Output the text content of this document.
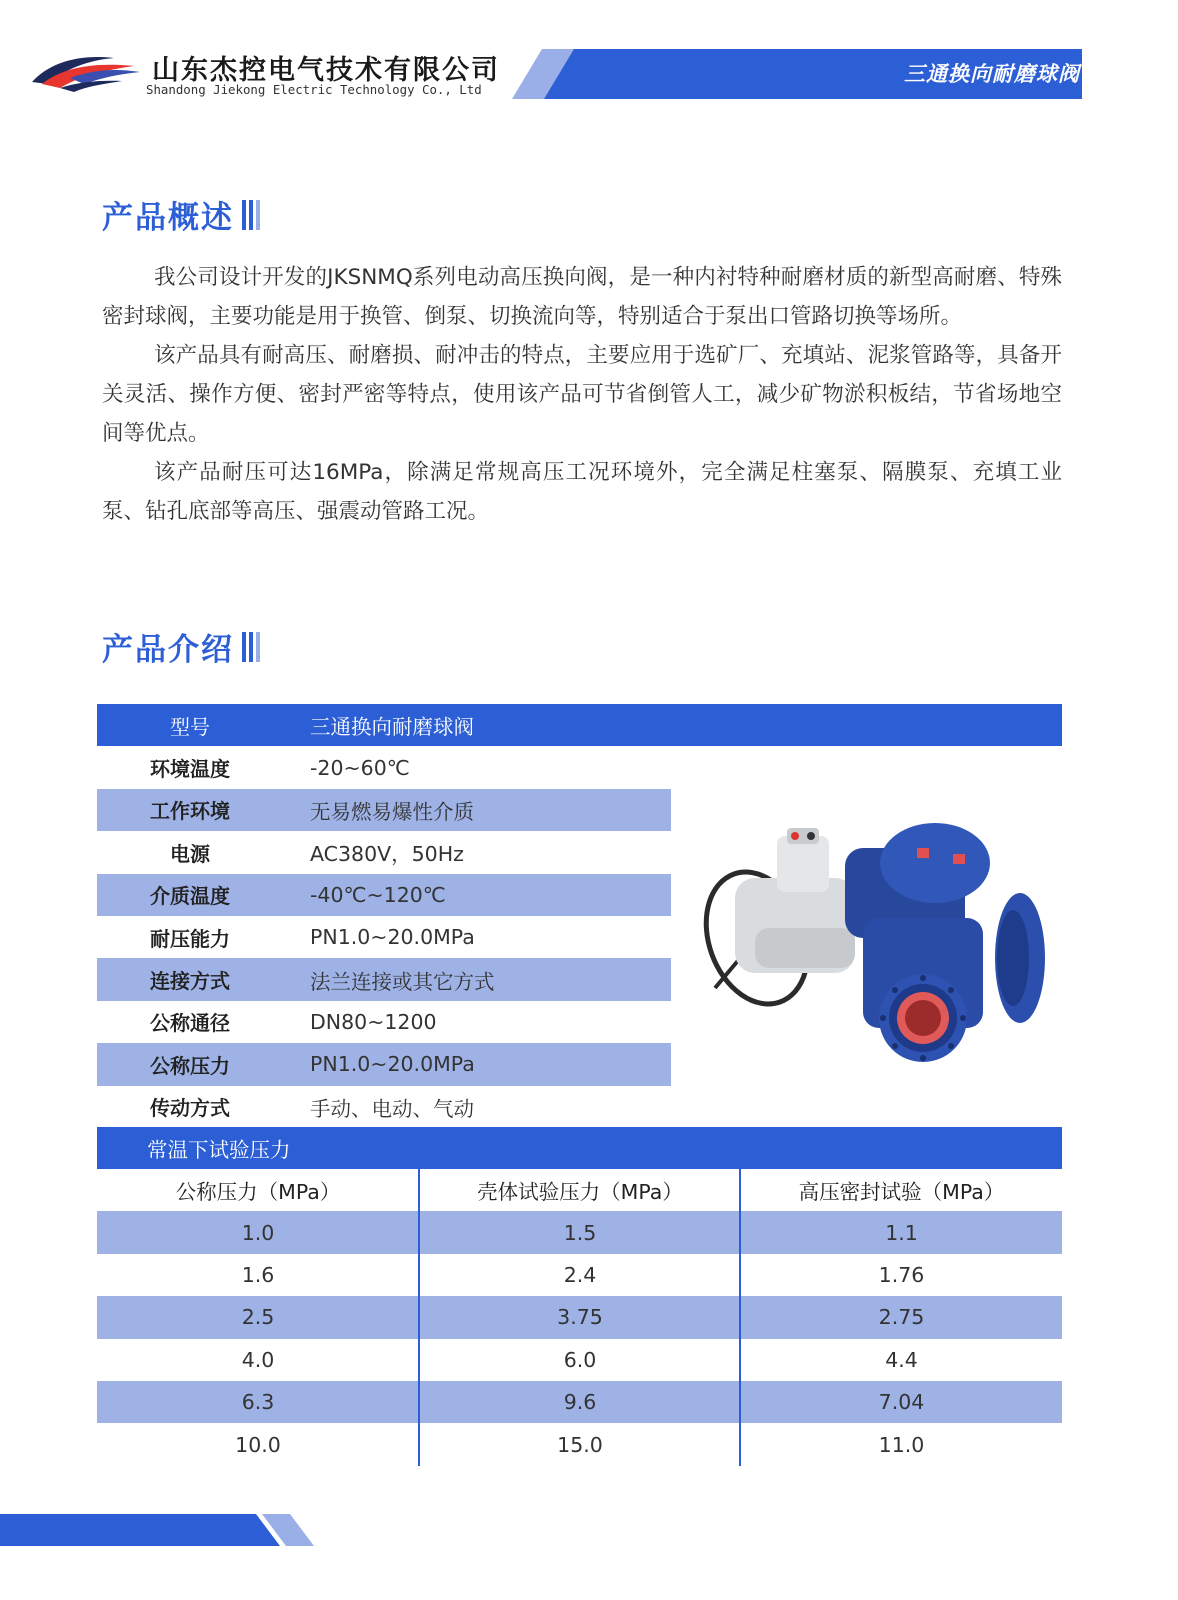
山东杰控电气技术有限公司
Shandong Jiekong Electric Technology Co., Ltd
三通换向耐磨球阀
产品概述

我公司设计开发的JKSNMQ系列电动高压换向阀，是一种内衬特种耐磨材质的新型高耐磨、特殊密封球阀，主要功能是用于换管、倒泵、切换流向等，特别适合于泵出口管路切换等场所。

该产品具有耐高压、耐磨损、耐冲击的特点，主要应用于选矿厂、充填站、泥浆管路等，具备开关灵活、操作方便、密封严密等特点，使用该产品可节省倒管人工，减少矿物淤积板结，节省场地空间等优点。

该产品耐压可达16MPa，除满足常规高压工况环境外，完全满足柱塞泵、隔膜泵、充填工业泵、钻孔底部等高压、强震动管路工况。

产品介绍
型号	三通换向耐磨球阀
环境温度	-20~60℃
工作环境	无易燃易爆性介质
电源	AC380V，50Hz
介质温度	-40℃~120℃
耐压能力	PN1.0~20.0MPa
连接方式	法兰连接或其它方式
公称通径	DN80~1200
公称压力	PN1.0~20.0MPa
传动方式	手动、电动、气动
常温下试验压力
公称压力（MPa）	壳体试验压力（MPa）	高压密封试验（MPa）
1.0	1.5	1.1
1.6	2.4	1.76
2.5	3.75	2.75
4.0	6.0	4.4
6.3	9.6	7.04
10.0	15.0	11.0
